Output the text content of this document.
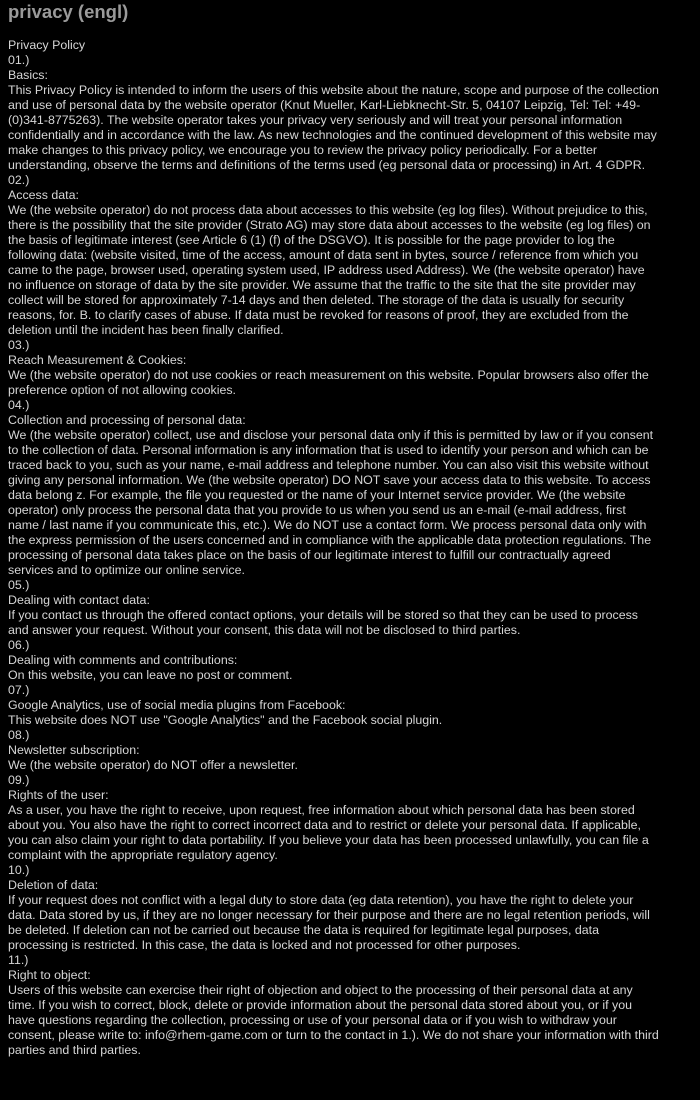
privacy (engl)
Privacy Policy
01.)
Basics:
This Privacy Policy is intended to inform the users of this website about the nature, scope and purpose of the collection and use of personal data by the website operator (Knut Mueller, Karl-Liebknecht-Str. 5, 04107 Leipzig, Tel: Tel: +49-(0)341-8775263). The website operator takes your privacy very seriously and will treat your personal information confidentially and in accordance with the law. As new technologies and the continued development of this website may make changes to this privacy policy, we encourage you to review the privacy policy periodically. For a better understanding, observe the terms and definitions of the terms used (eg personal data or processing) in Art. 4 GDPR.
02.)
Access data:
We (the website operator) do not process data about accesses to this website (eg log files). Without prejudice to this, there is the possibility that the site provider (Strato AG) may store data about accesses to the website (eg log files) on the basis of legitimate interest (see Article 6 (1) (f) of the DSGVO). It is possible for the page provider to log the following data: (website visited, time of the access, amount of data sent in bytes, source / reference from which you came to the page, browser used, operating system used, IP address used Address). We (the website operator) have no influence on storage of data by the site provider. We assume that the traffic to the site that the site provider may collect will be stored for approximately 7-14 days and then deleted. The storage of the data is usually for security reasons, for. B. to clarify cases of abuse. If data must be revoked for reasons of proof, they are excluded from the deletion until the incident has been finally clarified.
03.)
Reach Measurement & Cookies:
We (the website operator) do not use cookies or reach measurement on this website. Popular browsers also offer the preference option of not allowing cookies.
04.)
Collection and processing of personal data:
We (the website operator) collect, use and disclose your personal data only if this is permitted by law or if you consent to the collection of data. Personal information is any information that is used to identify your person and which can be traced back to you, such as your name, e-mail address and telephone number. You can also visit this website without giving any personal information. We (the website operator) DO NOT save your access data to this website. To access data belong z. For example, the file you requested or the name of your Internet service provider. We (the website operator) only process the personal data that you provide to us when you send us an e-mail (e-mail address, first name / last name if you communicate this, etc.). We do NOT use a contact form. We process personal data only with the express permission of the users concerned and in compliance with the applicable data protection regulations. The processing of personal data takes place on the basis of our legitimate interest to fulfill our contractually agreed services and to optimize our online service.
05.)
Dealing with contact data:
If you contact us through the offered contact options, your details will be stored so that they can be used to process and answer your request. Without your consent, this data will not be disclosed to third parties.
06.)
Dealing with comments and contributions:
On this website, you can leave no post or comment.
07.)
Google Analytics, use of social media plugins from Facebook:
This website does NOT use "Google Analytics" and the Facebook social plugin.
08.)
Newsletter subscription:
We (the website operator) do NOT offer a newsletter.
09.)
Rights of the user:
As a user, you have the right to receive, upon request, free information about which personal data has been stored about you. You also have the right to correct incorrect data and to restrict or delete your personal data. If applicable, you can also claim your right to data portability. If you believe your data has been processed unlawfully, you can file a complaint with the appropriate regulatory agency.
10.)
Deletion of data:
If your request does not conflict with a legal duty to store data (eg data retention), you have the right to delete your data. Data stored by us, if they are no longer necessary for their purpose and there are no legal retention periods, will be deleted. If deletion can not be carried out because the data is required for legitimate legal purposes, data processing is restricted. In this case, the data is locked and not processed for other purposes.
11.)
Right to object:
Users of this website can exercise their right of objection and object to the processing of their personal data at any time. If you wish to correct, block, delete or provide information about the personal data stored about you, or if you have questions regarding the collection, processing or use of your personal data or if you wish to withdraw your consent, please write to: info@rhem-game.com or turn to the contact in 1.). We do not share your information with third parties and third parties.
